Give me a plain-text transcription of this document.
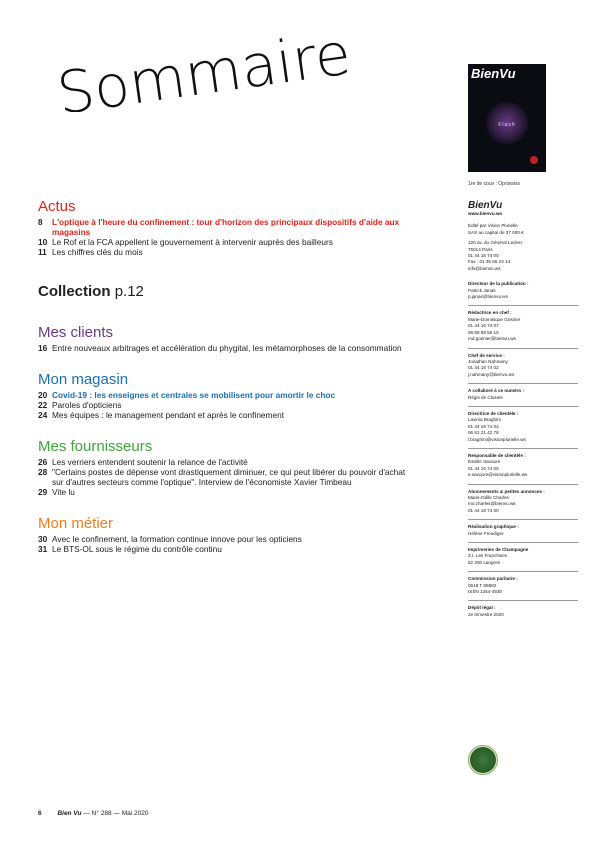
Sommaire
Actus
8	L'optique à l'heure du confinement : tour d'horizon des principaux dispositifs d'aide aux magasins
10 Le Rof et la FCA appellent le gouvernement à intervenir auprès des bailleurs
11 Les chiffres clés du mois
Collection p.12
Mes clients
16 Entre nouveaux arbitrages et accélération du phygital, les métamorphoses de la consommation
Mon magasin
20 Covid-19 : les enseignes et centrales se mobilisent pour amortir le choc
22 Paroles d'opticiens
24 Mes équipes : le management pendant et après le confinement
Mes fournisseurs
26 Les verriers entendent soutenir la relance de l'activité
28 "Certains postes de dépense vont drastiquement diminuer, ce qui peut libérer du pouvoir d'achat sur d'autres secteurs comme l'optique". Interview de l'économiste Xavier Timbeau
29 Vite lu
Mon métier
30 Avec le confinement, la formation continue innove pour les opticiens
31 Le BTS-OL sous le régime du contrôle continu
BienVu
Flash
1re de couv : Opriswiss
BienVu
www.bienvu.ws
Édité par Vision Plurielle
SAS au capital de 37 000 €
120 av. du Général Leclerc
75014 Paris
01 44 16 74 00
Fax : 01 45 65 24 14
info@bienvu.ws
Directeur de la publication :
Patrick Janas
p.janas@bienvu.ws
Rédactrice en chef :
Marie-Dominique Gosnier
01 44 16 74 07
06 88 88 56 15
md.gosnier@bienvu.ws
Chef de service :
Jonathan Nahmany
01 44 16 74 02
j.nahmany@bienvu.ws
A collaboré à ce numéro :
Régis de Closets
Directrice de clientèle :
Lavinia Braghini
01 44 16 74 04
06 61 21 42 78
l.braghini@visionplurielle.ws
Responsable de clientèle :
Estelle Savoure
01 44 16 74 05
e.savoure@visionplurielle.ws
Abonnements & petites annonces :
Marie-Odile Charles
mo.charles@bienvu.ws
01 44 16 74 00
Réalisation graphique :
Hélène Freudiger
Imprimeries de Champagne
Z.I. Les Franchises
52 200 Langres
Commission paritaire :
0618 T 85882
ISSN 1254-4930
Dépôt légal :
2e trimestre 2020
6 Bien Vu — N° 288 — Mai 2020
